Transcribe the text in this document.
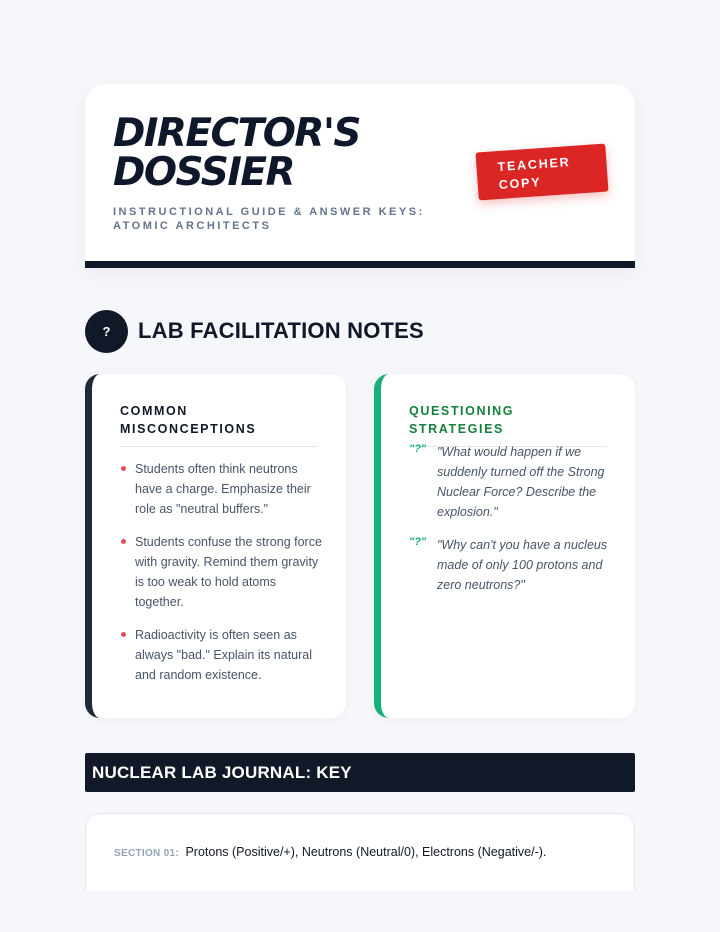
DIRECTOR'S DOSSIER
INSTRUCTIONAL GUIDE & ANSWER KEYS: ATOMIC ARCHITECTS
TEACHER
COPY
?	LAB FACILITATION NOTES
COMMON MISCONCEPTIONS
Students often think neutrons have a charge. Emphasize their role as "neutral buffers."
Students confuse the strong force with gravity. Remind them gravity is too weak to hold atoms together.
Radioactivity is often seen as always "bad." Explain its natural and random existence.
QUESTIONING STRATEGIES
"?" "What would happen if we suddenly turned off the Strong Nuclear Force? Describe the explosion."
"?" "Why can't you have a nucleus made of only 100 protons and zero neutrons?"
NUCLEAR LAB JOURNAL: KEY
SECTION 01: Protons (Positive/+), Neutrons (Neutral/0), Electrons (Negative/-).
